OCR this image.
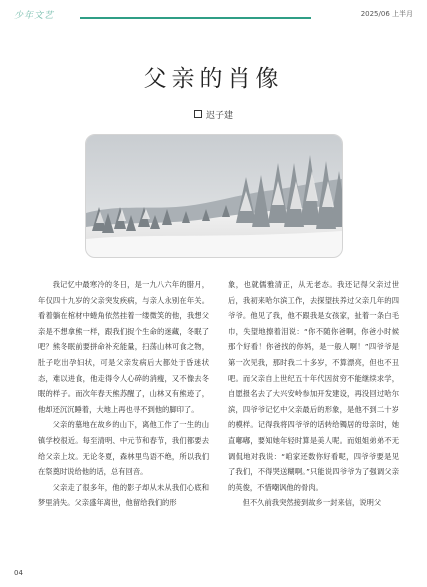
少年文艺	2025/06 上半月
父亲的肖像
迟子建

我记忆中最寒冷的冬日，是一九八六年的腊月，年仅四十九岁的父亲突发疾病，与亲人永别在年关。看着躺在棺材中蜷角依然挂着一缕微笑的他，我想父亲是不想拿熊一样，跟我们捉个生命的迷藏，冬眠了吧？熊冬眠前要拼命补充能量，扫荡山林可食之物，肚子吃出孕妇状，可是父亲发病后大都处于昏迷状态，难以进食，他走得令人心碎的消瘦，又不像去冬眠的样子。而次年春天熊苏醒了，山林又有熊迹了，他却还沉沉睡着，大地上再也寻不到他的脚印了。

父亲的墓地在故乡的山下，离他工作了一生的山镇学校很近。每至清明、中元节和春节，我们都要去给父亲上坟。无论冬夏，森林里鸟语不绝，所以我们在祭奠时说给他的话，总有回音。

父亲走了很多年，他的影子却从未从我们心底和梦里消失。父亲盛年离世，他留给我们的形

象，也就儒雅清正，从无老态。我还记得父亲过世后，我初来哈尔滨工作，去探望扶养过父亲几年的四爷爷。他见了我，他不跟我是女孩家，扯着一条白毛巾，失望地擦着泪说：“你不随你爸啊，你爸小时候那个好看！你爸找的你妈，是一般人啊！”四爷爷是第一次见我，那时我二十多岁，不算漂亮，但也不丑吧。而父亲自上世纪五十年代因贫穷不能继续求学，自愿报名去了大兴安岭参加开发建设，再没回过哈尔滨，四爷爷记忆中父亲最后的形象，是他不到二十岁的模样。记得我将四爷爷的话转给镯居的母亲时，她直嘟嘟，要知她年轻时算是美人呢。而姐姐弟弟不无调侃地对我说：“咱家还数你好看呢，四爷爷要是见了我们，不得哭送糊啊。”只能说四爷爷为了强调父亲的英俊，不惜嘲讽他的骨肉。

但不久前我突然接到故乡一封来信，说明父

04
